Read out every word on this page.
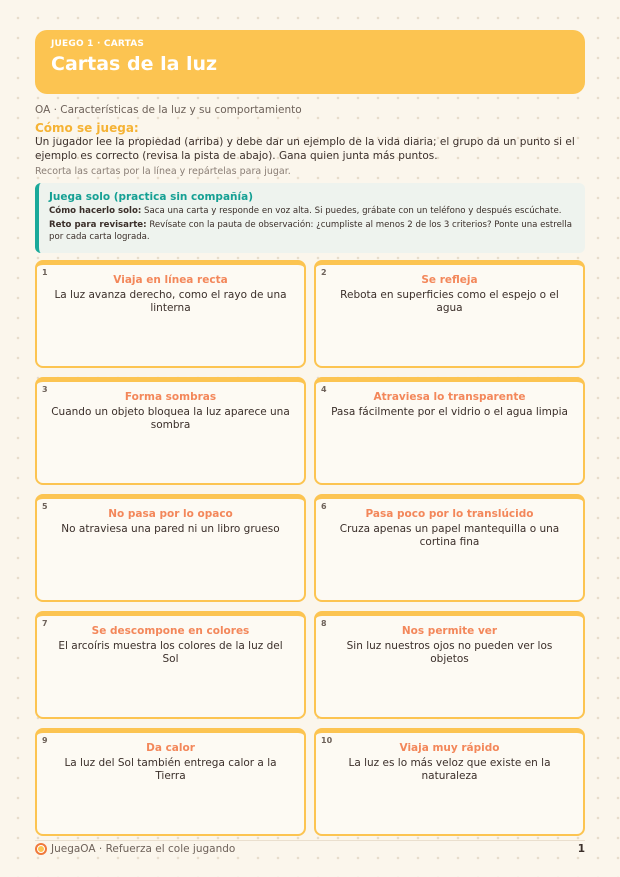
JUEGO 1 · CARTAS
Cartas de la luz
OA · Características de la luz y su comportamiento
Cómo se juega:
Un jugador lee la propiedad (arriba) y debe dar un ejemplo de la vida diaria; el grupo da un punto si el ejemplo es correcto (revisa la pista de abajo). Gana quien junta más puntos.
Recorta las cartas por la línea y repártelas para jugar.
Juega solo (practica sin compañía)
Cómo hacerlo solo: Saca una carta y responde en voz alta. Si puedes, grábate con un teléfono y después escúchate.
Reto para revisarte: Revísate con la pauta de observación: ¿cumpliste al menos 2 de los 3 criterios? Ponte una estrella por cada carta lograda.
1
Viaja en línea recta
La luz avanza derecho, como el rayo de una linterna
2
Se refleja
Rebota en superficies como el espejo o el agua
3
Forma sombras
Cuando un objeto bloquea la luz aparece una sombra
4
Atraviesa lo transparente
Pasa fácilmente por el vidrio o el agua limpia
5
No pasa por lo opaco
No atraviesa una pared ni un libro grueso
6
Pasa poco por lo translúcido
Cruza apenas un papel mantequilla o una cortina fina
7
Se descompone en colores
El arcoíris muestra los colores de la luz del Sol
8
Nos permite ver
Sin luz nuestros ojos no pueden ver los objetos
9
Da calor
La luz del Sol también entrega calor a la Tierra
10
Viaja muy rápido
La luz es lo más veloz que existe en la naturaleza
JuegaOA · Refuerza el cole jugando	1
